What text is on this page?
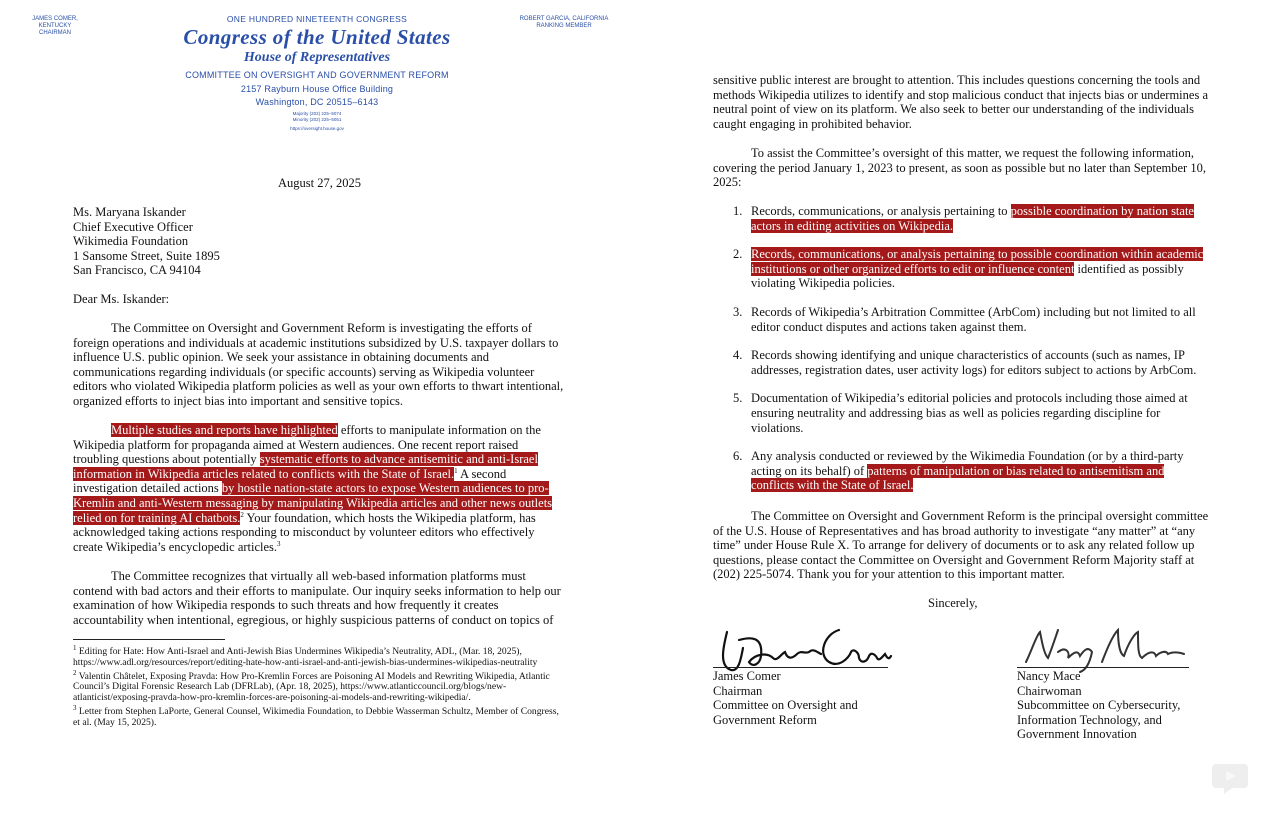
JAMES COMER, KENTUCKY
CHAIRMAN
ROBERT GARCIA, CALIFORNIA
RANKING MEMBER
ONE HUNDRED NINETEENTH CONGRESS
Congress of the United States
House of Representatives
COMMITTEE ON OVERSIGHT AND GOVERNMENT REFORM
2157 Rayburn House Office Building
Washington, DC 20515–6143
Majority (202) 225–5074
Minority (202) 225–5051
https://oversight.house.gov
August 27, 2025
Ms. Maryana Iskander
Chief Executive Officer
Wikimedia Foundation
1 Sansome Street, Suite 1895
San Francisco, CA 94104
Dear Ms. Iskander:

The Committee on Oversight and Government Reform is investigating the efforts of foreign operations and individuals at academic institutions subsidized by U.S. taxpayer dollars to influence U.S. public opinion. We seek your assistance in obtaining documents and communications regarding individuals (or specific accounts) serving as Wikipedia volunteer editors who violated Wikipedia platform policies as well as your own efforts to thwart intentional, organized efforts to inject bias into important and sensitive topics.

Multiple studies and reports have highlighted efforts to manipulate information on the Wikipedia platform for propaganda aimed at Western audiences. One recent report raised troubling questions about potentially systematic efforts to advance antisemitic and anti-Israel information in Wikipedia articles related to conflicts with the State of Israel.$^1$ A second investigation detailed actions by hostile nation-state actors to expose Western audiences to pro-Kremlin and anti-Western messaging by manipulating Wikipedia articles and other news outlets relied on for training AI chatbots.$^2$ Your foundation, which hosts the Wikipedia platform, has acknowledged taking actions responding to misconduct by volunteer editors who effectively create Wikipedia’s encyclopedic articles.$^3$

The Committee recognizes that virtually all web-based information platforms must contend with bad actors and their efforts to manipulate. Our inquiry seeks information to help our examination of how Wikipedia responds to such threats and how frequently it creates accountability when intentional, egregious, or highly suspicious patterns of conduct on topics of

$^1$ Editing for Hate: How Anti-Israel and Anti-Jewish Bias Undermines Wikipedia’s Neutrality, ADL, (Mar. 18, 2025), https://www.adl.org/resources/report/editing-hate-how-anti-israel-and-anti-jewish-bias-undermines-wikipedias-neutrality
$^2$ Valentin Châtelet, Exposing Pravda: How Pro-Kremlin Forces are Poisoning AI Models and Rewriting Wikipedia, Atlantic Council’s Digital Forensic Research Lab (DFRLab), (Apr. 18, 2025), https://www.atlanticcouncil.org/blogs/new-atlanticist/exposing-pravda-how-pro-kremlin-forces-are-poisoning-ai-models-and-rewriting-wikipedia/.
$^3$ Letter from Stephen LaPorte, General Counsel, Wikimedia Foundation, to Debbie Wasserman Schultz, Member of Congress, et al. (May 15, 2025).

sensitive public interest are brought to attention. This includes questions concerning the tools and methods Wikipedia utilizes to identify and stop malicious conduct that injects bias or undermines a neutral point of view on its platform. We also seek to better our understanding of the individuals caught engaging in prohibited behavior.

To assist the Committee’s oversight of this matter, we request the following information, covering the period January 1, 2023 to present, as soon as possible but no later than September 10, 2025:

1. Records, communications, or analysis pertaining to possible coordination by nation state actors in editing activities on Wikipedia.
2. Records, communications, or analysis pertaining to possible coordination within academic institutions or other organized efforts to edit or influence content identified as possibly violating Wikipedia policies.
3. Records of Wikipedia’s Arbitration Committee (ArbCom) including but not limited to all editor conduct disputes and actions taken against them.
4. Records showing identifying and unique characteristics of accounts (such as names, IP addresses, registration dates, user activity logs) for editors subject to actions by ArbCom.
5. Documentation of Wikipedia’s editorial policies and protocols including those aimed at ensuring neutrality and addressing bias as well as policies regarding discipline for violations.
6. Any analysis conducted or reviewed by the Wikimedia Foundation (or by a third-party acting on its behalf) of patterns of manipulation or bias related to antisemitism and conflicts with the State of Israel.

The Committee on Oversight and Government Reform is the principal oversight committee of the U.S. House of Representatives and has broad authority to investigate “any matter” at “any time” under House Rule X. To arrange for delivery of documents or to ask any related follow up questions, please contact the Committee on Oversight and Government Reform Majority staff at (202) 225-5074. Thank you for your attention to this important matter.

Sincerely,
James Comer
Chairman
Committee on Oversight and
Government Reform
Nancy Mace
Chairwoman
Subcommittee on Cybersecurity,
Information Technology, and
Government Innovation
